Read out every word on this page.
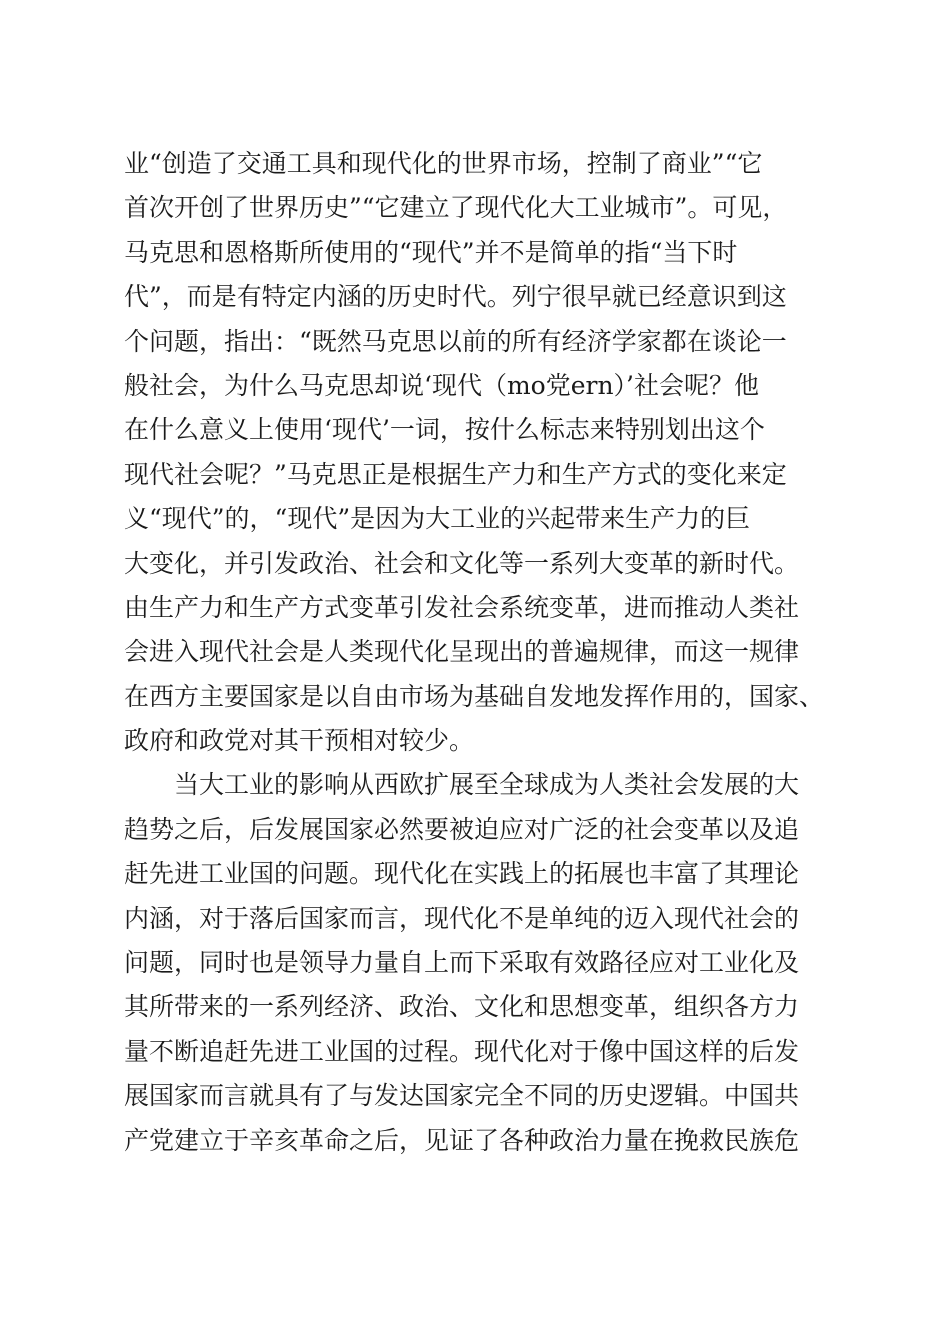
业“创造了交通工具和现代化的世界市场，控制了商业”“它
首次开创了世界历史”“它建立了现代化大工业城市”。可见，
马克思和恩格斯所使用的“现代”并不是简单的指“当下时
代”，而是有特定内涵的历史时代。列宁很早就已经意识到这
个问题，指出：“既然马克思以前的所有经济学家都在谈论一
般社会，为什么马克思却说‘现代（mo党ern）’社会呢？他
在什么意义上使用‘现代’一词，按什么标志来特别划出这个
现代社会呢？”马克思正是根据生产力和生产方式的变化来定
义“现代”的，“现代”是因为大工业的兴起带来生产力的巨
大变化，并引发政治、社会和文化等一系列大变革的新时代。
由生产力和生产方式变革引发社会系统变革，进而推动人类社
会进入现代社会是人类现代化呈现出的普遍规律，而这一规律
在西方主要国家是以自由市场为基础自发地发挥作用的，国家、
政府和政党对其干预相对较少。
当大工业的影响从西欧扩展至全球成为人类社会发展的大
趋势之后，后发展国家必然要被迫应对广泛的社会变革以及追
赶先进工业国的问题。现代化在实践上的拓展也丰富了其理论
内涵，对于落后国家而言，现代化不是单纯的迈入现代社会的
问题，同时也是领导力量自上而下采取有效路径应对工业化及
其所带来的一系列经济、政治、文化和思想变革，组织各方力
量不断追赶先进工业国的过程。现代化对于像中国这样的后发
展国家而言就具有了与发达国家完全不同的历史逻辑。中国共
产党建立于辛亥革命之后，见证了各种政治力量在挽救民族危
